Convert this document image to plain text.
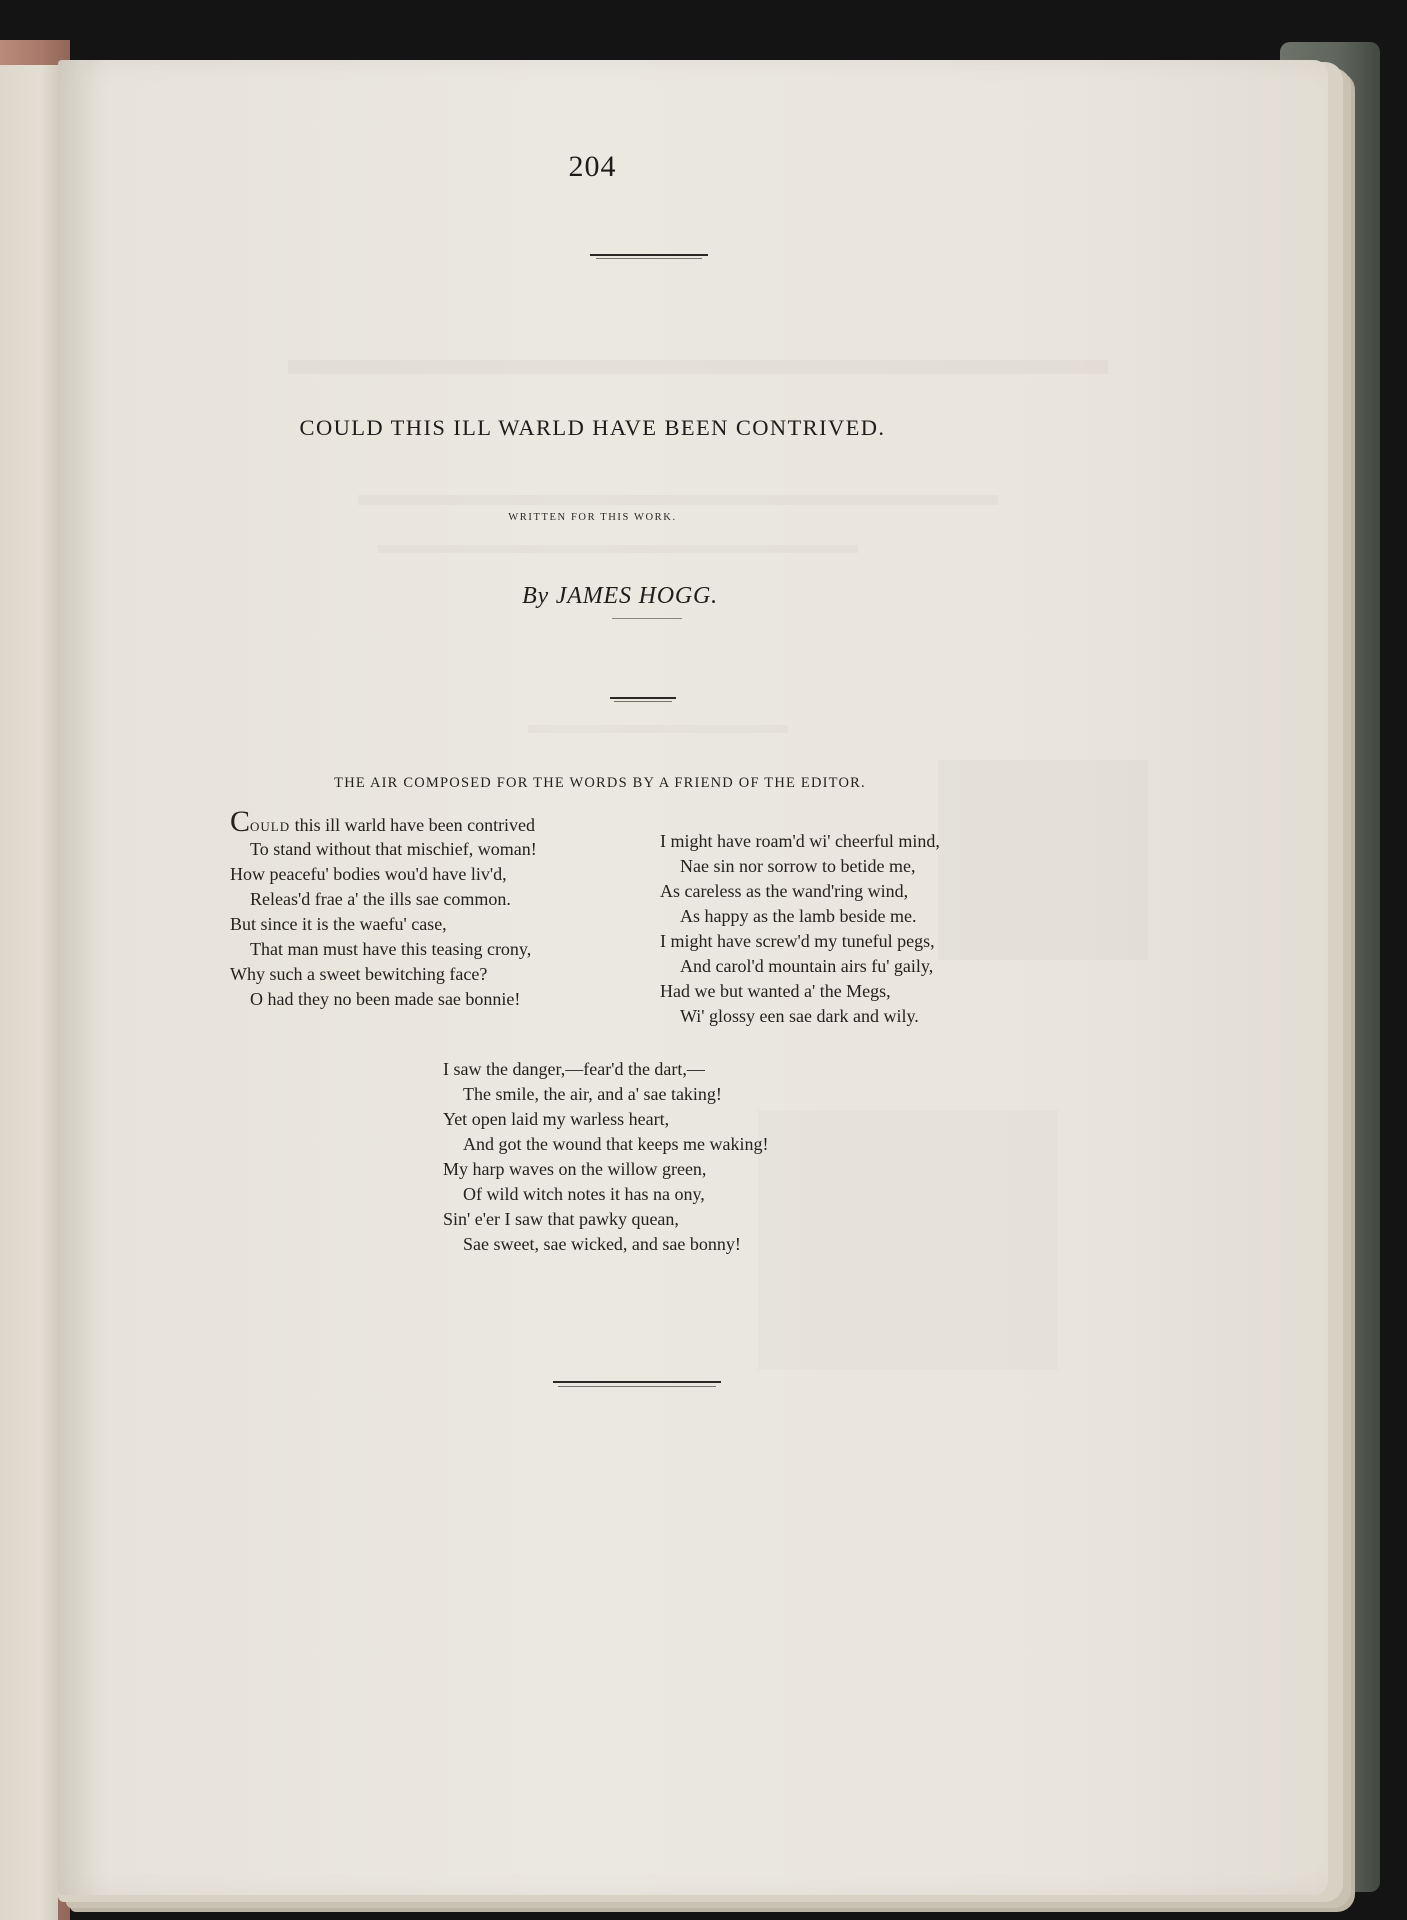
204
COULD THIS ILL WARLD HAVE BEEN CONTRIVED.
WRITTEN FOR THIS WORK.
By JAMES HOGG.
THE AIR COMPOSED FOR THE WORDS BY A FRIEND OF THE EDITOR.
Could this ill warld have been contrived
To stand without that mischief, woman!
How peacefu' bodies wou'd have liv'd,
Releas'd frae a' the ills sae common.
But since it is the waefu' case,
That man must have this teasing crony,
Why such a sweet bewitching face?
O had they no been made sae bonnie!
I might have roam'd wi' cheerful mind,
Nae sin nor sorrow to betide me,
As careless as the wand'ring wind,
As happy as the lamb beside me.
I might have screw'd my tuneful pegs,
And carol'd mountain airs fu' gaily,
Had we but wanted a' the Megs,
Wi' glossy een sae dark and wily.
I saw the danger,—fear'd the dart,—
The smile, the air, and a' sae taking!
Yet open laid my warless heart,
And got the wound that keeps me waking!
My harp waves on the willow green,
Of wild witch notes it has na ony,
Sin' e'er I saw that pawky quean,
Sae sweet, sae wicked, and sae bonny!
